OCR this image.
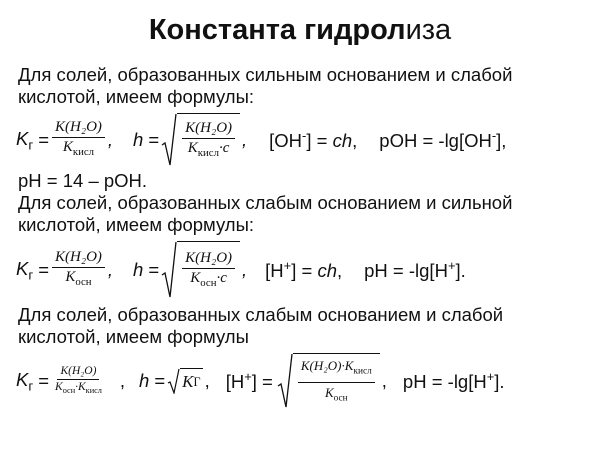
Константа гидролиза
Для солей, образованных сильным основанием и слабой
кислотой, имеем формулы:
$K_г = \frac{\text{K(H₂O)}}{K_{кисл}}$ , $h = \frac{\text{K(H₂O)}}{K_{кисл}\cdot c}$ , [OH-] = ch, pOH = -lg[OH-],
pH = 14 – pOH.
Для солей, образованных слабым основанием и сильной
кислотой, имеем формулы:
$K_г = \frac{\text{K(H₂O)}}{K_{осн}}$ , $h = \frac{\text{K(H₂O)}}{K_{осн}\cdot c}$ , [H+] = ch, pH = -lg[H+].
Для солей, образованных слабым основанием и слабой
кислотой, имеем формулы
$K_г = \frac{\text{K(H₂O)}}{K_{осн}\cdot K_{кисл}}$ , h = K Г , $[H^+] = \frac{K(H_2O)\cdot K_{кисл}}{K_{осн}}$ , pH = -lg[H+].
